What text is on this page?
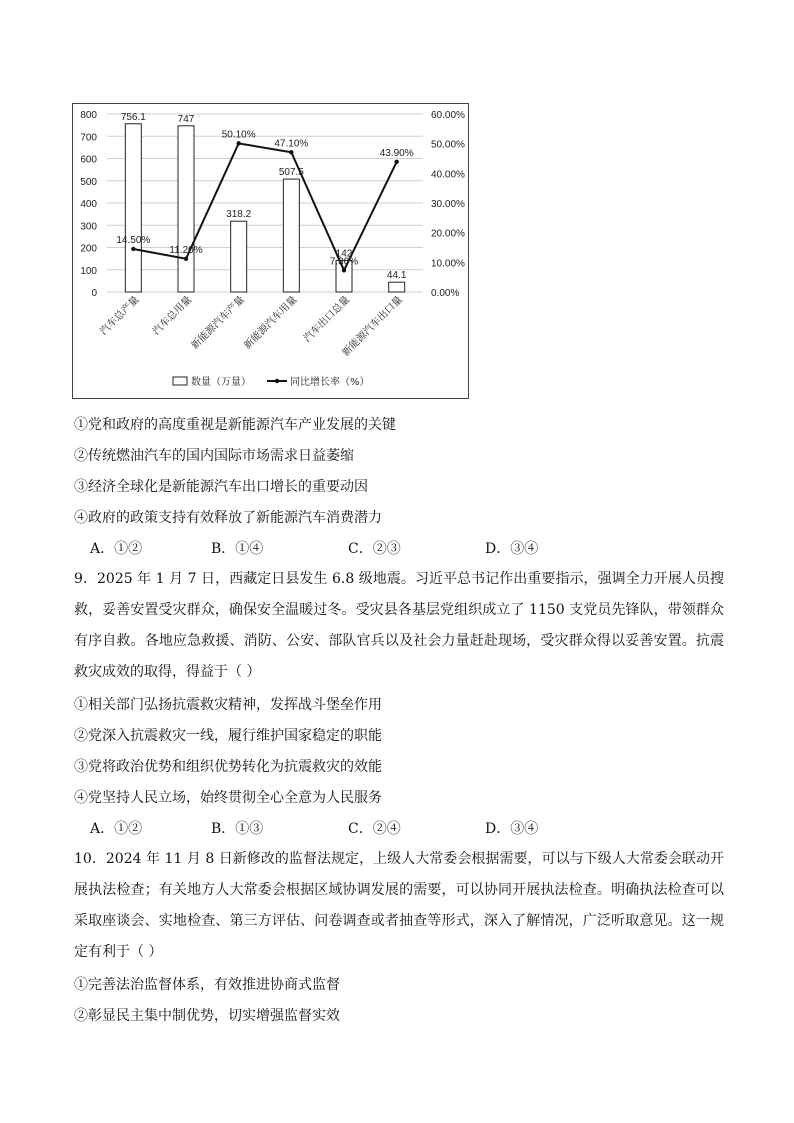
0
100
200
300
400
500
600
700
800
0.00%
10.00%
20.00%
30.00%
40.00%
50.00%
60.00%
756.1	747
318.2
507.5
142
44.1
14.50%
11.20%
50.10%
47.10%
7.30%
43.90%
汽车总产量 汽车总用量
新能源汽车产量
新能源汽车用量 汽车出口总量
新能源汽车出口量
数量（万量）	同比增长率（%）
①党和政府的高度重视是新能源汽车产业发展的关键
②传统燃油汽车的国内国际市场需求日益萎缩
③经济全球化是新能源汽车出口增长的重要动因
④政府的政策支持有效释放了新能源汽车消费潜力
A．①②	B．①④	C．②③	D．③④

9．2025 年 1 月 7 日，西藏定日县发生 6.8 级地震。习近平总书记作出重要指示，强调全力开展人员搜救，妥善安置受灾群众，确保安全温暖过冬。受灾县各基层党组织成立了 1150 支党员先锋队，带领群众有序自救。各地应急救援、消防、公安、部队官兵以及社会力量赶赴现场，受灾群众得以妥善安置。抗震救灾成效的取得，得益于（ ）

①相关部门弘扬抗震救灾精神，发挥战斗堡垒作用
②党深入抗震救灾一线，履行维护国家稳定的职能
③党将政治优势和组织优势转化为抗震救灾的效能
④党坚持人民立场，始终贯彻全心全意为人民服务
A．①②	B．①③	C．②④	D．③④

10．2024 年 11 月 8 日新修改的监督法规定，上级人大常委会根据需要，可以与下级人大常委会联动开展执法检查；有关地方人大常委会根据区域协调发展的需要，可以协同开展执法检查。明确执法检查可以采取座谈会、实地检查、第三方评估、问卷调查或者抽查等形式，深入了解情况，广泛听取意见。这一规定有利于（ ）

①完善法治监督体系，有效推进协商式监督
②彰显民主集中制优势，切实增强监督实效
